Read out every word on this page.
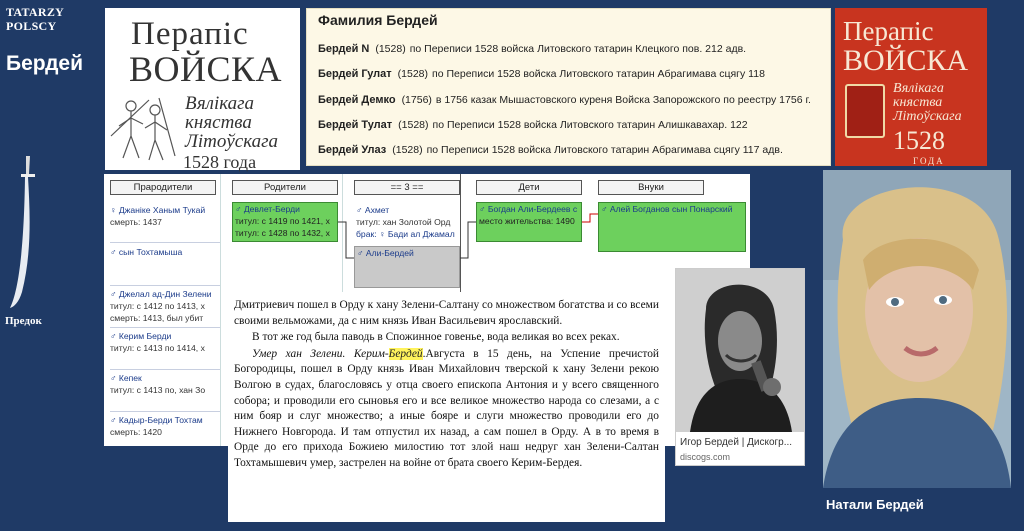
TATARZY
POLSCY
Бердей
Предок
Перапіс
ВОЙСКА
Вялікага
княства
Літоўскага
1528 года
Фамилия Бердей
Бердей N (1528) по Переписи 1528 войска Литовского татарин Клецкого пов. 212 адв.
Бердей Гулат (1528) по Переписи 1528 войска Литовского татарин Абрагимава сцягу 118
Бердей Демко (1756) в 1756 казак Мышастовского куреня Войска Запорожского по реестру 1756 г.
Бердей Тулат (1528) по Переписи 1528 войска Литовского татарин Алишкавахар. 122
Бердей Улаз (1528) по Переписи 1528 войска Литовского татарин Абрагимава сцягу 117 адв.
Перапіс
ВОЙСКА
Вялікага
княства
Літоўскага
1528
ГОДА
Прародители	Родители	== 3 ==	Дети	Внуки
♀ Джаніке Ханым Тукай
смерть: 1437
♂ сын Тохтамыша
♂ Джелал ад-Дин Зелени
титул: с 1412 по 1413, х
смерть: 1413, был убит
♂ Керим Берди
титул: с 1413 по 1414, х
♂ Кепек
титул: с 1413 по, хан Зо
♂ Кадыр-Берди Тохтам
смерть: 1420
♂ Девлет-Берди
титул: с 1419 по 1421, х
титул: с 1428 по 1432, х
♂ Ахмет
титул: хан Золотой Орд
брак: ♀ Бади ал Джамал
♂ Али-Бердей
♂ Богдан Али-Бердеев с
место жительства: 1490
♂ Алей Богданов сын Понарский

Дмитриевич пошел в Орду к хану Зелени-Салтану со множеством богатства и со всеми своими вельможами, да с ним князь Иван Васильевич ярославский.

В тот же год была паводь в Спожинное говенье, вода великая во всех реках.

Умер хан Зелени. Керим-Бердей.Августа в 15 день, на Успение пречистой Богородицы, пошел в Орду князь Иван Михайлович тверской к хану Зелени рекою Волгою в судах, благословясь у отца своего епископа Антония и у всего священного собора; и проводили его сыновья его и все великое множество народа со слезами, а с ним бояр и слуг множество; а иные бояре и слуги множество проводили его до Нижнего Новгорода. И там отпустил их назад, а сам пошел в Орду. А в то время в Орде до его прихода Божиею милостию тот злой наш недруг хан Зелени-Салтан Тохтамышевич умер, застрелен на войне от брата своего Керим-Бердея.

Игор Бердей | Дискогр...
discogs.com
Натали Бердей
